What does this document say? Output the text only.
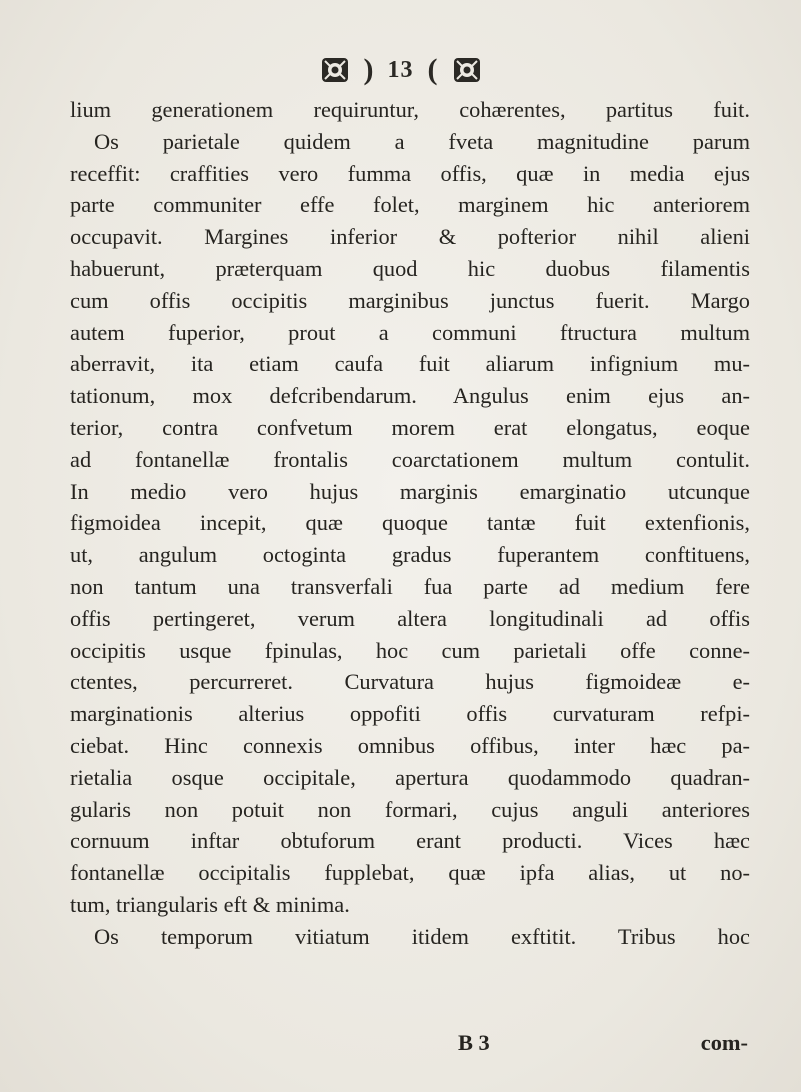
) 13 (
lium generationem requiruntur, cohærentes, partitus fuit.
Os parietale quidem a fveta magnitudine parum
receffit: craffities vero fumma offis, quæ in media ejus
parte communiter effe folet, marginem hic anteriorem
occupavit. Margines inferior & pofterior nihil alieni
habuerunt, præterquam quod hic duobus filamentis
cum offis occipitis marginibus junctus fuerit. Margo
autem fuperior, prout a communi ftructura multum
aberravit, ita etiam caufa fuit aliarum infignium mu-
tationum, mox defcribendarum. Angulus enim ejus an-
terior, contra confvetum morem erat elongatus, eoque
ad fontanellæ frontalis coarctationem multum contulit.
In medio vero hujus marginis emarginatio utcunque
figmoidea incepit, quæ quoque tantæ fuit extenfionis,
ut, angulum octoginta gradus fuperantem conftituens,
non tantum una transverfali fua parte ad medium fere
offis pertingeret, verum altera longitudinali ad offis
occipitis usque fpinulas, hoc cum parietali offe conne-
ctentes, percurreret. Curvatura hujus figmoideæ e-
marginationis alterius oppofiti offis curvaturam refpi-
ciebat. Hinc connexis omnibus offibus, inter hæc pa-
rietalia osque occipitale, apertura quodammodo quadran-
gularis non potuit non formari, cujus anguli anteriores
cornuum inftar obtuforum erant producti. Vices hæc
fontanellæ occipitalis fupplebat, quæ ipfa alias, ut no-
tum, triangularis eft & minima.
Os temporum vitiatum itidem exftitit. Tribus hoc
B 3	com-
